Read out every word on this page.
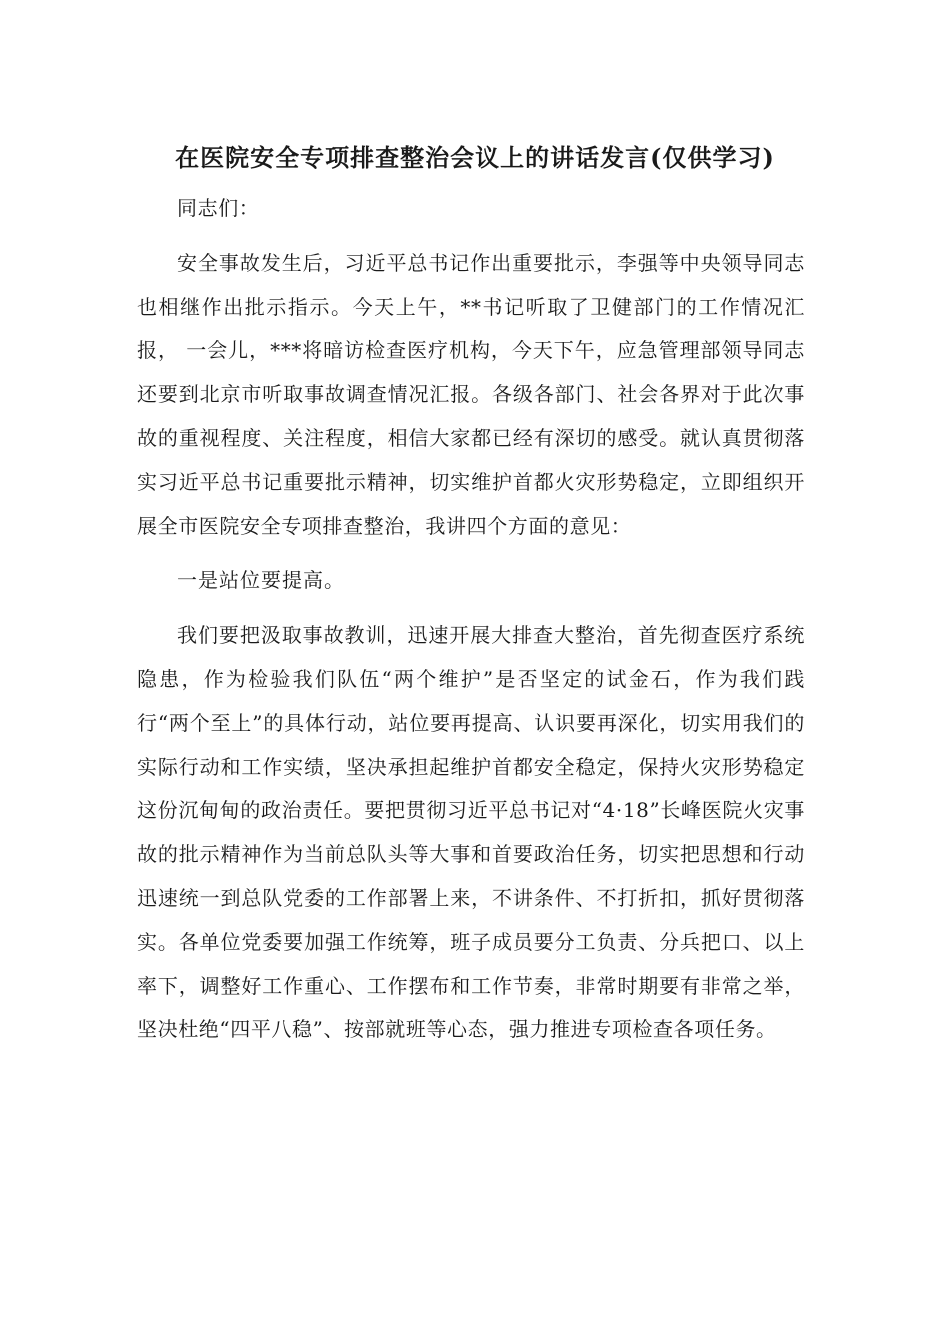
在医院安全专项排查整治会议上的讲话发言(仅供学习)

同志们：

安全事故发生后，习近平总书记作出重要批示，李强等中央领导同志也相继作出批示指示。今天上午，**书记听取了卫健部门的工作情况汇报， 一会儿，***将暗访检查医疗机构，今天下午，应急管理部领导同志还要到北京市听取事故调查情况汇报。各级各部门、社会各界对于此次事故的重视程度、关注程度，相信大家都已经有深切的感受。就认真贯彻落实习近平总书记重要批示精神，切实维护首都火灾形势稳定，立即组织开展全市医院安全专项排查整治，我讲四个方面的意见：

一是站位要提高。

我们要把汲取事故教训，迅速开展大排查大整治，首先彻查医疗系统隐患，作为检验我们队伍“两个维护”是否坚定的试金石，作为我们践行“两个至上”的具体行动，站位要再提高、认识要再深化，切实用我们的实际行动和工作实绩，坚决承担起维护首都安全稳定，保持火灾形势稳定这份沉甸甸的政治责任。要把贯彻习近平总书记对“4·18”长峰医院火灾事故的批示精神作为当前总队头等大事和首要政治任务，切实把思想和行动迅速统一到总队党委的工作部署上来，不讲条件、不打折扣，抓好贯彻落实。各单位党委要加强工作统筹，班子成员要分工负责、分兵把口、以上率下，调整好工作重心、工作摆布和工作节奏，非常时期要有非常之举，坚决杜绝“四平八稳”、按部就班等心态，强力推进专项检查各项任务。
